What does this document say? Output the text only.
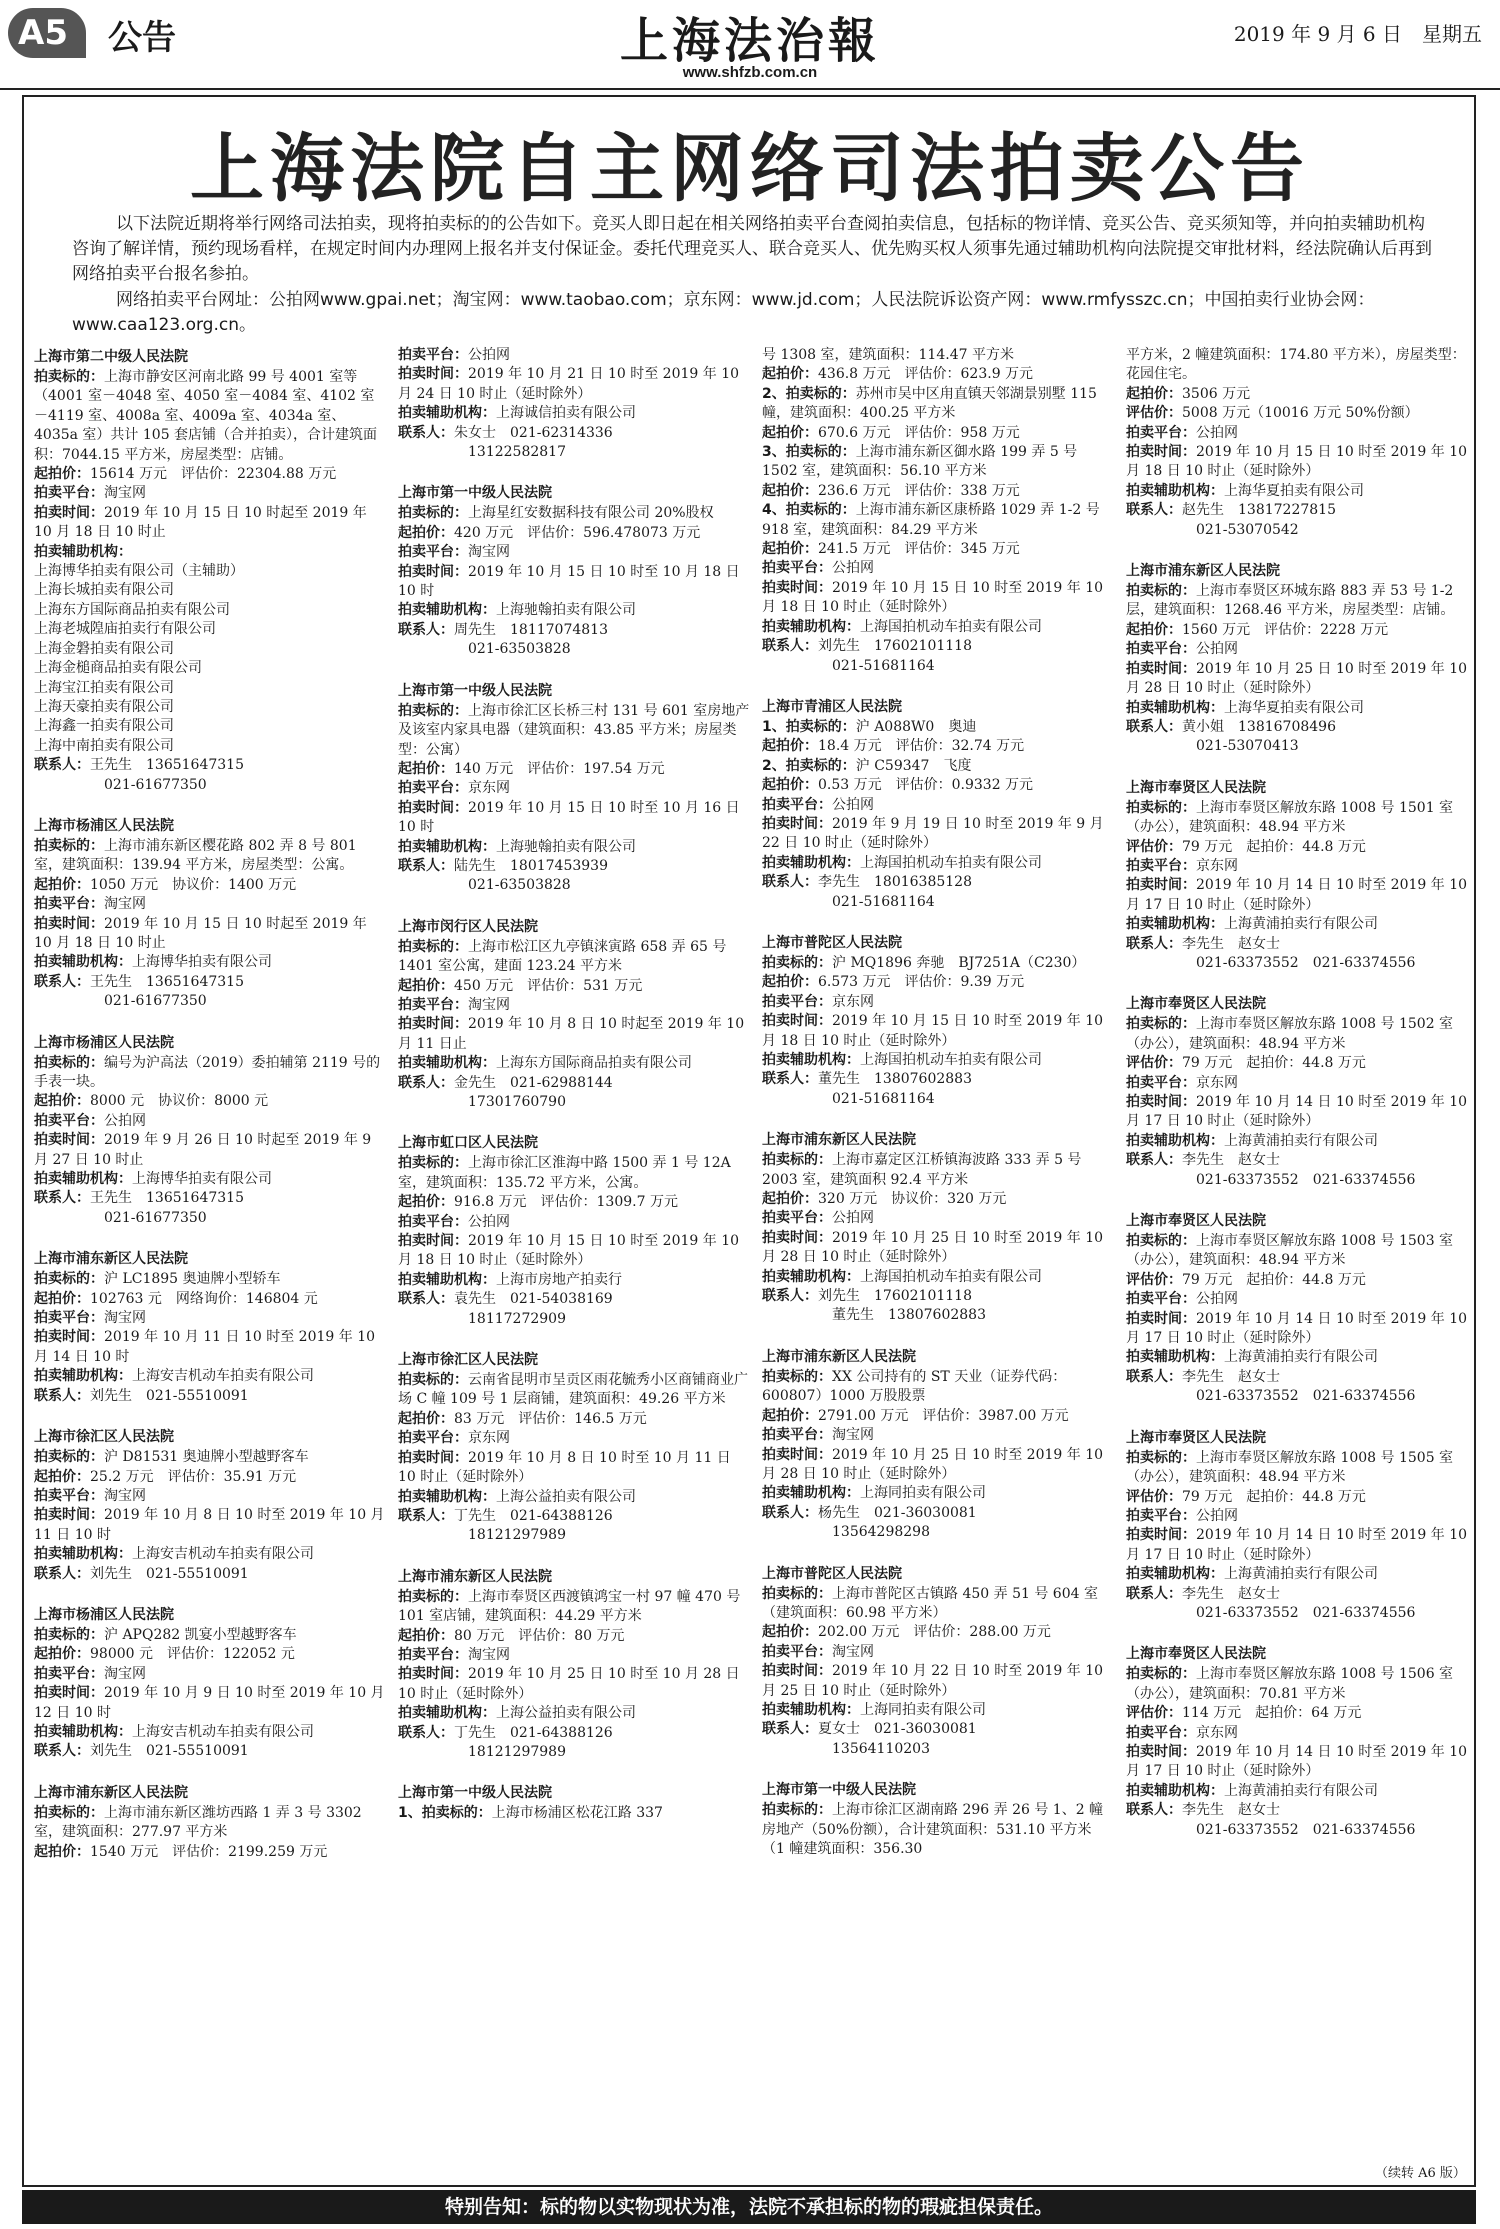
A5	公告	上海法治報
www.shfzb.com.cn
2019 年 9 月 6 日　星期五
上海法院自主网络司法拍卖公告
以下法院近期将举行网络司法拍卖，现将拍卖标的的公告如下。竞买人即日起在相关网络拍卖平台查阅拍卖信息，包括标的物详情、竞买公告、竞买须知等，并向拍卖辅助机构咨询了解详情，预约现场看样，在规定时间内办理网上报名并支付保证金。委托代理竞买人、联合竞买人、优先购买权人须事先通过辅助机构向法院提交审批材料，经法院确认后再到网络拍卖平台报名参拍。
网络拍卖平台网址：公拍网www.gpai.net；淘宝网：www.taobao.com；京东网：www.jd.com；人民法院诉讼资产网：www.rmfysszc.cn；中国拍卖行业协会网：www.caa123.org.cn。
上海市第二中级人民法院
拍卖标的：上海市静安区河南北路 99 号 4001 室等（4001 室－4048 室、4050 室－4084 室、4102 室－4119 室、4008a 室、4009a 室、4034a 室、4035a 室）共计 105 套店铺（合并拍卖），合计建筑面积：7044.15 平方米，房屋类型：店铺。
起拍价：15614 万元　评估价：22304.88 万元
拍卖平台：淘宝网
拍卖时间：2019 年 10 月 15 日 10 时起至 2019 年 10 月 18 日 10 时止
拍卖辅助机构：
上海博华拍卖有限公司（主辅助）
上海长城拍卖有限公司
上海东方国际商品拍卖有限公司
上海老城隍庙拍卖行有限公司
上海金磐拍卖有限公司
上海金槌商品拍卖有限公司
上海宝江拍卖有限公司
上海天豪拍卖有限公司
上海鑫一拍卖有限公司
上海中南拍卖有限公司
联系人：王先生　13651647315
021-61677350
上海市杨浦区人民法院
拍卖标的：上海市浦东新区樱花路 802 弄 8 号 801 室，建筑面积：139.94 平方米，房屋类型：公寓。
起拍价：1050 万元　协议价：1400 万元
拍卖平台：淘宝网
拍卖时间：2019 年 10 月 15 日 10 时起至 2019 年 10 月 18 日 10 时止
拍卖辅助机构：上海博华拍卖有限公司
联系人：王先生　13651647315
021-61677350
上海市杨浦区人民法院
拍卖标的：编号为沪高法（2019）委拍辅第 2119 号的手表一块。
起拍价：8000 元　协议价：8000 元
拍卖平台：公拍网
拍卖时间：2019 年 9 月 26 日 10 时起至 2019 年 9 月 27 日 10 时止
拍卖辅助机构：上海博华拍卖有限公司
联系人：王先生　13651647315
021-61677350
上海市浦东新区人民法院
拍卖标的：沪 LC1895 奥迪牌小型轿车
起拍价：102763 元　网络询价：146804 元
拍卖平台：淘宝网
拍卖时间：2019 年 10 月 11 日 10 时至 2019 年 10 月 14 日 10 时
拍卖辅助机构：上海安吉机动车拍卖有限公司
联系人：刘先生　021-55510091
上海市徐汇区人民法院
拍卖标的：沪 D81531 奥迪牌小型越野客车
起拍价：25.2 万元　评估价：35.91 万元
拍卖平台：淘宝网
拍卖时间：2019 年 10 月 8 日 10 时至 2019 年 10 月 11 日 10 时
拍卖辅助机构：上海安吉机动车拍卖有限公司
联系人：刘先生　021-55510091
上海市杨浦区人民法院
拍卖标的：沪 APQ282 凯宴小型越野客车
起拍价：98000 元　评估价：122052 元
拍卖平台：淘宝网
拍卖时间：2019 年 10 月 9 日 10 时至 2019 年 10 月 12 日 10 时
拍卖辅助机构：上海安吉机动车拍卖有限公司
联系人：刘先生　021-55510091
上海市浦东新区人民法院
拍卖标的：上海市浦东新区潍坊西路 1 弄 3 号 3302 室，建筑面积：277.97 平方米
起拍价：1540 万元　评估价：2199.259 万元
拍卖平台：公拍网
拍卖时间：2019 年 10 月 21 日 10 时至 2019 年 10 月 24 日 10 时止（延时除外）
拍卖辅助机构：上海诚信拍卖有限公司
联系人：朱女士　021-62314336
13122582817
上海市第一中级人民法院
拍卖标的：上海星红安数据科技有限公司 20%股权
起拍价：420 万元　评估价：596.478073 万元
拍卖平台：淘宝网
拍卖时间：2019 年 10 月 15 日 10 时至 10 月 18 日 10 时
拍卖辅助机构：上海驰翰拍卖有限公司
联系人：周先生　18117074813
021-63503828
上海市第一中级人民法院
拍卖标的：上海市徐汇区长桥三村 131 号 601 室房地产及该室内家具电器（建筑面积：43.85 平方米；房屋类型：公寓）
起拍价：140 万元　评估价：197.54 万元
拍卖平台：京东网
拍卖时间：2019 年 10 月 15 日 10 时至 10 月 16 日 10 时
拍卖辅助机构：上海驰翰拍卖有限公司
联系人：陆先生　18017453939
021-63503828
上海市闵行区人民法院
拍卖标的：上海市松江区九亭镇涞寅路 658 弄 65 号 1401 室公寓，建面 123.24 平方米
起拍价：450 万元　评估价：531 万元
拍卖平台：淘宝网
拍卖时间：2019 年 10 月 8 日 10 时起至 2019 年 10 月 11 日止
拍卖辅助机构：上海东方国际商品拍卖有限公司
联系人：金先生　021-62988144
17301760790
上海市虹口区人民法院
拍卖标的：上海市徐汇区淮海中路 1500 弄 1 号 12A 室，建筑面积：135.72 平方米，公寓。
起拍价：916.8 万元　评估价：1309.7 万元
拍卖平台：公拍网
拍卖时间：2019 年 10 月 15 日 10 时至 2019 年 10 月 18 日 10 时止（延时除外）
拍卖辅助机构：上海市房地产拍卖行
联系人：袁先生　021-54038169
18117272909
上海市徐汇区人民法院
拍卖标的：云南省昆明市呈贡区雨花毓秀小区商铺商业广场 C 幢 109 号 1 层商铺，建筑面积：49.26 平方米
起拍价：83 万元　评估价：146.5 万元
拍卖平台：京东网
拍卖时间：2019 年 10 月 8 日 10 时至 10 月 11 日 10 时止（延时除外）
拍卖辅助机构：上海公益拍卖有限公司
联系人：丁先生　021-64388126
18121297989
上海市浦东新区人民法院
拍卖标的：上海市奉贤区西渡镇鸿宝一村 97 幢 470 号 101 室店铺，建筑面积：44.29 平方米
起拍价：80 万元　评估价：80 万元
拍卖平台：淘宝网
拍卖时间：2019 年 10 月 25 日 10 时至 10 月 28 日 10 时止（延时除外）
拍卖辅助机构：上海公益拍卖有限公司
联系人：丁先生　021-64388126
18121297989
上海市第一中级人民法院
1、拍卖标的：上海市杨浦区松花江路 337
号 1308 室，建筑面积：114.47 平方米
起拍价：436.8 万元　评估价：623.9 万元
2、拍卖标的：苏州市吴中区甪直镇天邻湖景别墅 115 幢，建筑面积：400.25 平方米
起拍价：670.6 万元　评估价：958 万元
3、拍卖标的：上海市浦东新区御水路 199 弄 5 号 1502 室，建筑面积：56.10 平方米
起拍价：236.6 万元　评估价：338 万元
4、拍卖标的：上海市浦东新区康桥路 1029 弄 1-2 号 918 室，建筑面积：84.29 平方米
起拍价：241.5 万元　评估价：345 万元
拍卖平台：公拍网
拍卖时间：2019 年 10 月 15 日 10 时至 2019 年 10 月 18 日 10 时止（延时除外）
拍卖辅助机构：上海国拍机动车拍卖有限公司
联系人：刘先生　17602101118
021-51681164
上海市青浦区人民法院
1、拍卖标的：沪 A088W0　奥迪
起拍价：18.4 万元　评估价：32.74 万元
2、拍卖标的：沪 C59347　飞度
起拍价：0.53 万元　评估价：0.9332 万元
拍卖平台：公拍网
拍卖时间：2019 年 9 月 19 日 10 时至 2019 年 9 月 22 日 10 时止（延时除外）
拍卖辅助机构：上海国拍机动车拍卖有限公司
联系人：李先生　18016385128
021-51681164
上海市普陀区人民法院
拍卖标的：沪 MQ1896 奔驰　BJ7251A（C230）
起拍价：6.573 万元　评估价：9.39 万元
拍卖平台：京东网
拍卖时间：2019 年 10 月 15 日 10 时至 2019 年 10 月 18 日 10 时止（延时除外）
拍卖辅助机构：上海国拍机动车拍卖有限公司
联系人：董先生　13807602883
021-51681164
上海市浦东新区人民法院
拍卖标的：上海市嘉定区江桥镇海波路 333 弄 5 号 2003 室，建筑面积 92.4 平方米
起拍价：320 万元　协议价：320 万元
拍卖平台：公拍网
拍卖时间：2019 年 10 月 25 日 10 时至 2019 年 10 月 28 日 10 时止（延时除外）
拍卖辅助机构：上海国拍机动车拍卖有限公司
联系人：刘先生　17602101118
董先生　13807602883
上海市浦东新区人民法院
拍卖标的：XX 公司持有的 ST 天业（证券代码：600807）1000 万股股票
起拍价：2791.00 万元　评估价：3987.00 万元
拍卖平台：淘宝网
拍卖时间：2019 年 10 月 25 日 10 时至 2019 年 10 月 28 日 10 时止（延时除外）
拍卖辅助机构：上海同拍卖有限公司
联系人：杨先生　021-36030081
13564298298
上海市普陀区人民法院
拍卖标的：上海市普陀区古镇路 450 弄 51 号 604 室（建筑面积：60.98 平方米）
起拍价：202.00 万元　评估价：288.00 万元
拍卖平台：淘宝网
拍卖时间：2019 年 10 月 22 日 10 时至 2019 年 10 月 25 日 10 时止（延时除外）
拍卖辅助机构：上海同拍卖有限公司
联系人：夏女士　021-36030081
13564110203
上海市第一中级人民法院
拍卖标的：上海市徐汇区湖南路 296 弄 26 号 1、2 幢房地产（50%份额），合计建筑面积：531.10 平方米（1 幢建筑面积：356.30
平方米，2 幢建筑面积：174.80 平方米），房屋类型：花园住宅。
起拍价：3506 万元
评估价：5008 万元（10016 万元 50%份额）
拍卖平台：公拍网
拍卖时间：2019 年 10 月 15 日 10 时至 2019 年 10 月 18 日 10 时止（延时除外）
拍卖辅助机构：上海华夏拍卖有限公司
联系人：赵先生　13817227815
021-53070542
上海市浦东新区人民法院
拍卖标的：上海市奉贤区环城东路 883 弄 53 号 1-2 层，建筑面积：1268.46 平方米，房屋类型：店铺。
起拍价：1560 万元　评估价：2228 万元
拍卖平台：公拍网
拍卖时间：2019 年 10 月 25 日 10 时至 2019 年 10 月 28 日 10 时止（延时除外）
拍卖辅助机构：上海华夏拍卖有限公司
联系人：黄小姐　13816708496
021-53070413
上海市奉贤区人民法院
拍卖标的：上海市奉贤区解放东路 1008 号 1501 室（办公），建筑面积：48.94 平方米
评估价：79 万元　起拍价：44.8 万元
拍卖平台：京东网
拍卖时间：2019 年 10 月 14 日 10 时至 2019 年 10 月 17 日 10 时止（延时除外）
拍卖辅助机构：上海黄浦拍卖行有限公司
联系人：李先生　赵女士
021-63373552　021-63374556
上海市奉贤区人民法院
拍卖标的：上海市奉贤区解放东路 1008 号 1502 室（办公），建筑面积：48.94 平方米
评估价：79 万元　起拍价：44.8 万元
拍卖平台：京东网
拍卖时间：2019 年 10 月 14 日 10 时至 2019 年 10 月 17 日 10 时止（延时除外）
拍卖辅助机构：上海黄浦拍卖行有限公司
联系人：李先生　赵女士
021-63373552　021-63374556
上海市奉贤区人民法院
拍卖标的：上海市奉贤区解放东路 1008 号 1503 室（办公），建筑面积：48.94 平方米
评估价：79 万元　起拍价：44.8 万元
拍卖平台：公拍网
拍卖时间：2019 年 10 月 14 日 10 时至 2019 年 10 月 17 日 10 时止（延时除外）
拍卖辅助机构：上海黄浦拍卖行有限公司
联系人：李先生　赵女士
021-63373552　021-63374556
上海市奉贤区人民法院
拍卖标的：上海市奉贤区解放东路 1008 号 1505 室（办公），建筑面积：48.94 平方米
评估价：79 万元　起拍价：44.8 万元
拍卖平台：公拍网
拍卖时间：2019 年 10 月 14 日 10 时至 2019 年 10 月 17 日 10 时止（延时除外）
拍卖辅助机构：上海黄浦拍卖行有限公司
联系人：李先生　赵女士
021-63373552　021-63374556
上海市奉贤区人民法院
拍卖标的：上海市奉贤区解放东路 1008 号 1506 室（办公），建筑面积：70.81 平方米
评估价：114 万元　起拍价：64 万元
拍卖平台：京东网
拍卖时间：2019 年 10 月 14 日 10 时至 2019 年 10 月 17 日 10 时止（延时除外）
拍卖辅助机构：上海黄浦拍卖行有限公司
联系人：李先生　赵女士
021-63373552　021-63374556
（续转 A6 版）
特别告知：标的物以实物现状为准，法院不承担标的物的瑕疵担保责任。
